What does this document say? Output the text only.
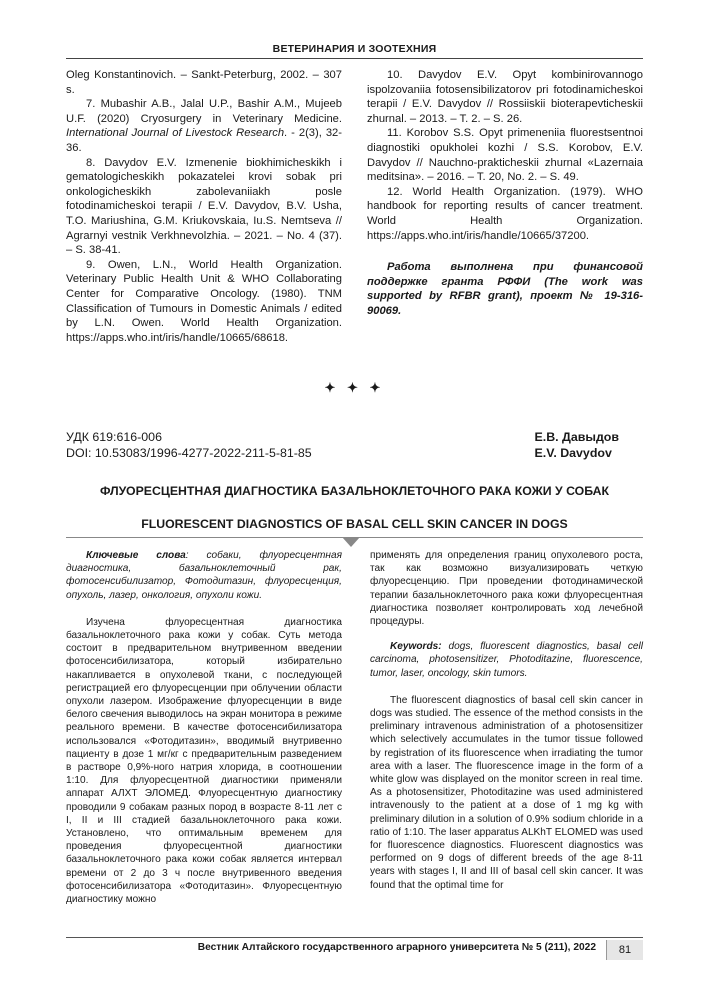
ВЕТЕРИНАРИЯ И ЗООТЕХНИЯ

Oleg Konstantinovich. – Sankt-Peterburg, 2002. – 307 s.

7. Mubashir A.B., Jalal U.P., Bashir A.M., Mujeeb U.F. (2020) Cryosurgery in Veterinary Medicine. International Journal of Livestock Research. - 2(3), 32-36.

8. Davydov E.V. Izmenenie biokhimicheskikh i gematologicheskikh pokazatelei krovi sobak pri onkologicheskikh zabolevaniiakh posle fotodinamicheskoi terapii / E.V. Davydov, B.V. Usha, T.O. Mariushina, G.M. Kriukovskaia, Iu.S. Nemtseva // Agrarnyi vestnik Verkhnevolzhia. – 2021. – No. 4 (37). – S. 38-41.

9. Owen, L.N., World Health Organization. Veterinary Public Health Unit & WHO Collaborating Center for Comparative Oncology. (1980). TNM Classification of Tumours in Domestic Animals / edited by L.N. Owen. World Health Organization. https://apps.who.int/iris/handle/10665/68618.

10. Davydov E.V. Opyt kombinirovannogo ispolzovaniia fotosensibilizatorov pri fotodinamicheskoi terapii / E.V. Davydov // Rossiiskii bioterapevticheskii zhurnal. – 2013. – T. 2. – S. 26.

11. Korobov S.S. Opyt primeneniia fluorestsentnoi diagnostiki opukholei kozhi / S.S. Korobov, E.V. Davydov // Nauchno-prakticheskii zhurnal «Lazernaia meditsina». – 2016. – T. 20, No. 2. – S. 49.

12. World Health Organization. (1979). WHO handbook for reporting results of cancer treatment. World Health Organization. https://apps.who.int/iris/handle/10665/37200.

Работа выполнена при финансовой поддержке гранта РФФИ (The work was supported by RFBR grant), проект № 19-316-90069.

✦ ✦ ✦
УДК 619:616-006
DOI: 10.53083/1996-4277-2022-211-5-81-85
Е.В. Давыдов
E.V. Davydov
ФЛУОРЕСЦЕНТНАЯ ДИАГНОСТИКА БАЗАЛЬНОКЛЕТОЧНОГО РАКА КОЖИ У СОБАК
FLUORESCENT DIAGNOSTICS OF BASAL CELL SKIN CANCER IN DOGS

Ключевые слова: собаки, флуоресцентная диагностика, базальноклеточный рак, фотосенсибилизатор, Фотодитазин, флуоресценция, опухоль, лазер, онкология, опухоли кожи.

Изучена флуоресцентная диагностика базальноклеточного рака кожи у собак. Суть метода состоит в предварительном внутривенном введении фотосенсибилизатора, который избирательно накапливается в опухолевой ткани, с последующей регистрацией его флуоресценции при облучении области опухоли лазером. Изображение флуоресценции в виде белого свечения выводилось на экран монитора в режиме реального времени. В качестве фотосенсибилизатора использовался «Фотодитазин», вводимый внутривенно пациенту в дозе 1 мг/кг с предварительным разведением в растворе 0,9%-ного натрия хлорида, в соотношении 1:10. Для флуоресцентной диагностики применяли аппарат АЛХТ ЭЛОМЕД. Флуоресцентную диагностику проводили 9 собакам разных пород в возрасте 8-11 лет с I, II и III стадией базальноклеточного рака кожи. Установлено, что оптимальным временем для проведения флуоресцентной диагностики базальноклеточного рака кожи собак является интервал времени от 2 до 3 ч после внутривенного введения фотосенсибилизатора «Фотодитазин». Флуоресцентную диагностику можно

применять для определения границ опухолевого роста, так как возможно визуализировать четкую флуоресценцию. При проведении фотодинамической терапии базальноклеточного рака кожи флуоресцентная диагностика позволяет контролировать ход лечебной процедуры.

Keywords: dogs, fluorescent diagnostics, basal cell carcinoma, photosensitizer, Photoditazine, fluorescence, tumor, laser, oncology, skin tumors.

The fluorescent diagnostics of basal cell skin cancer in dogs was studied. The essence of the method consists in the preliminary intravenous administration of a photosensitizer which selectively accumulates in the tumor tissue followed by registration of its fluorescence when irradiating the tumor area with a laser. The fluorescence image in the form of a white glow was displayed on the monitor screen in real time. As a photosensitizer, Photoditazine was used administered intravenously to the patient at a dose of 1 mg kg with preliminary dilution in a solution of 0.9% sodium chloride in a ratio of 1:10. The laser apparatus ALKhT ELOMED was used for fluorescence diagnostics. Fluorescent diagnostics was performed on 9 dogs of different breeds of the age 8-11 years with stages I, II and III of basal cell skin cancer. It was found that the optimal time for

Вестник Алтайского государственного аграрного университета № 5 (211), 2022	81
